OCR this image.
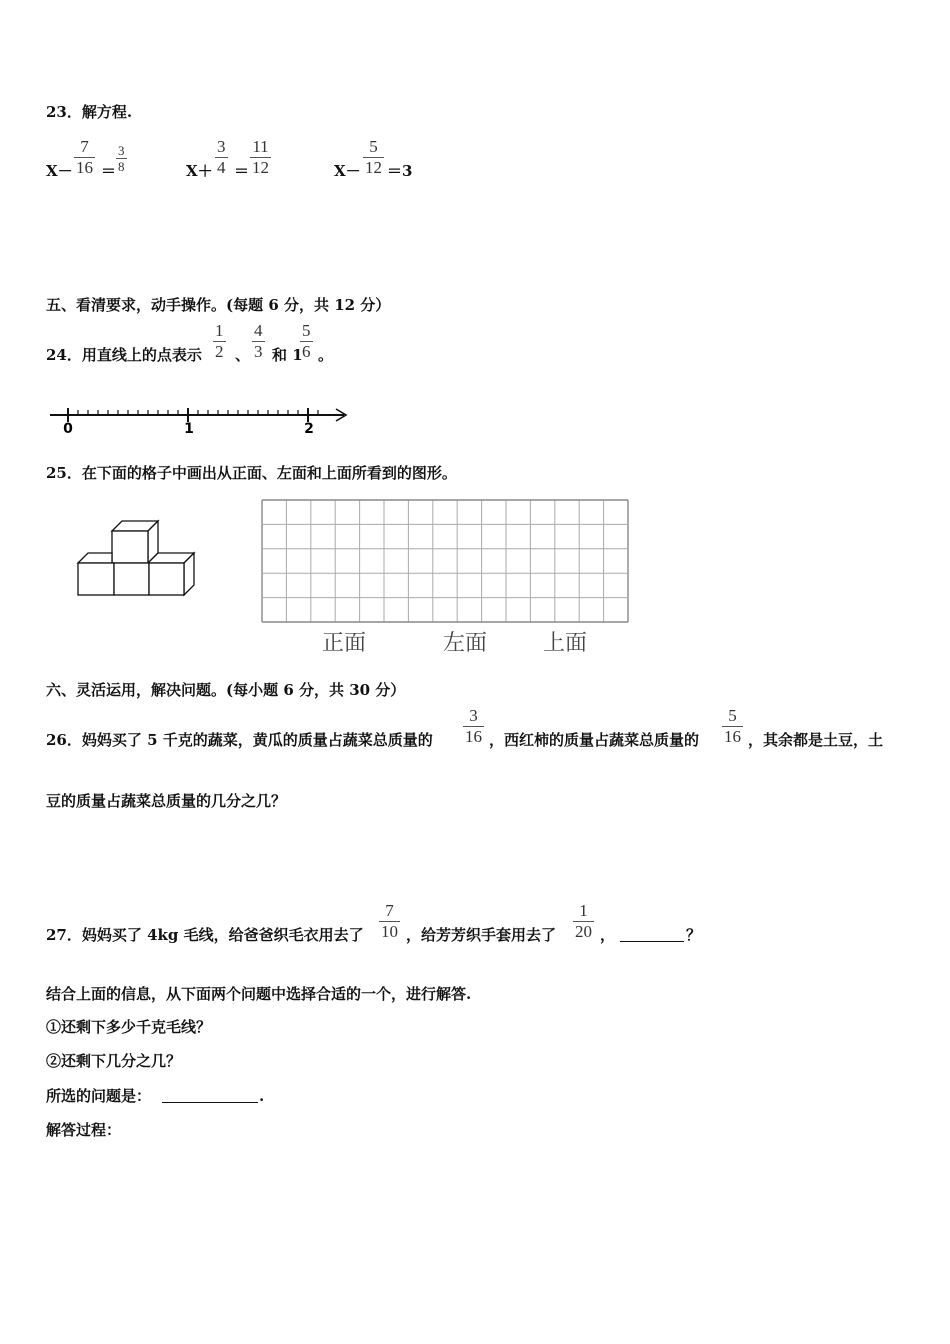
23．解方程.
$X- \frac{7}{16} = \frac{3}{8}$	$X+ \frac{3}{4} = \frac{11}{12}$	$X- \frac{5}{12} =3$
五、看清要求，动手操作。(每题 6 分，共 12 分）
24．用直线上的点表示 $\frac{1}{2}$ 、 $\frac{4}{3}$ 和 1
$\frac{5}{6}$ 。
0	1	2
25．在下面的格子中画出从正面、左面和上面所看到的图形。
正面	左面	上面
六、灵活运用，解决问题。(每小题 6 分，共 30 分）
26．妈妈买了 5 千克的蔬菜，黄瓜的质量占蔬菜总质量的 $\frac{3}{16}$ ，西红柿的质量占蔬菜总质量的 $\frac{5}{16}$ ，其余都是土豆，土
豆的质量占蔬菜总质量的几分之几？
27．妈妈买了 4kg 毛线，给爸爸织毛衣用去了 $\frac{7}{10}$ ，给芳芳织手套用去了 $\frac{1}{20}$ ，	？
结合上面的信息，从下面两个问题中选择合适的一个，进行解答.
①还剩下多少千克毛线？
②还剩下几分之几？
所选的问题是：	.
解答过程：
